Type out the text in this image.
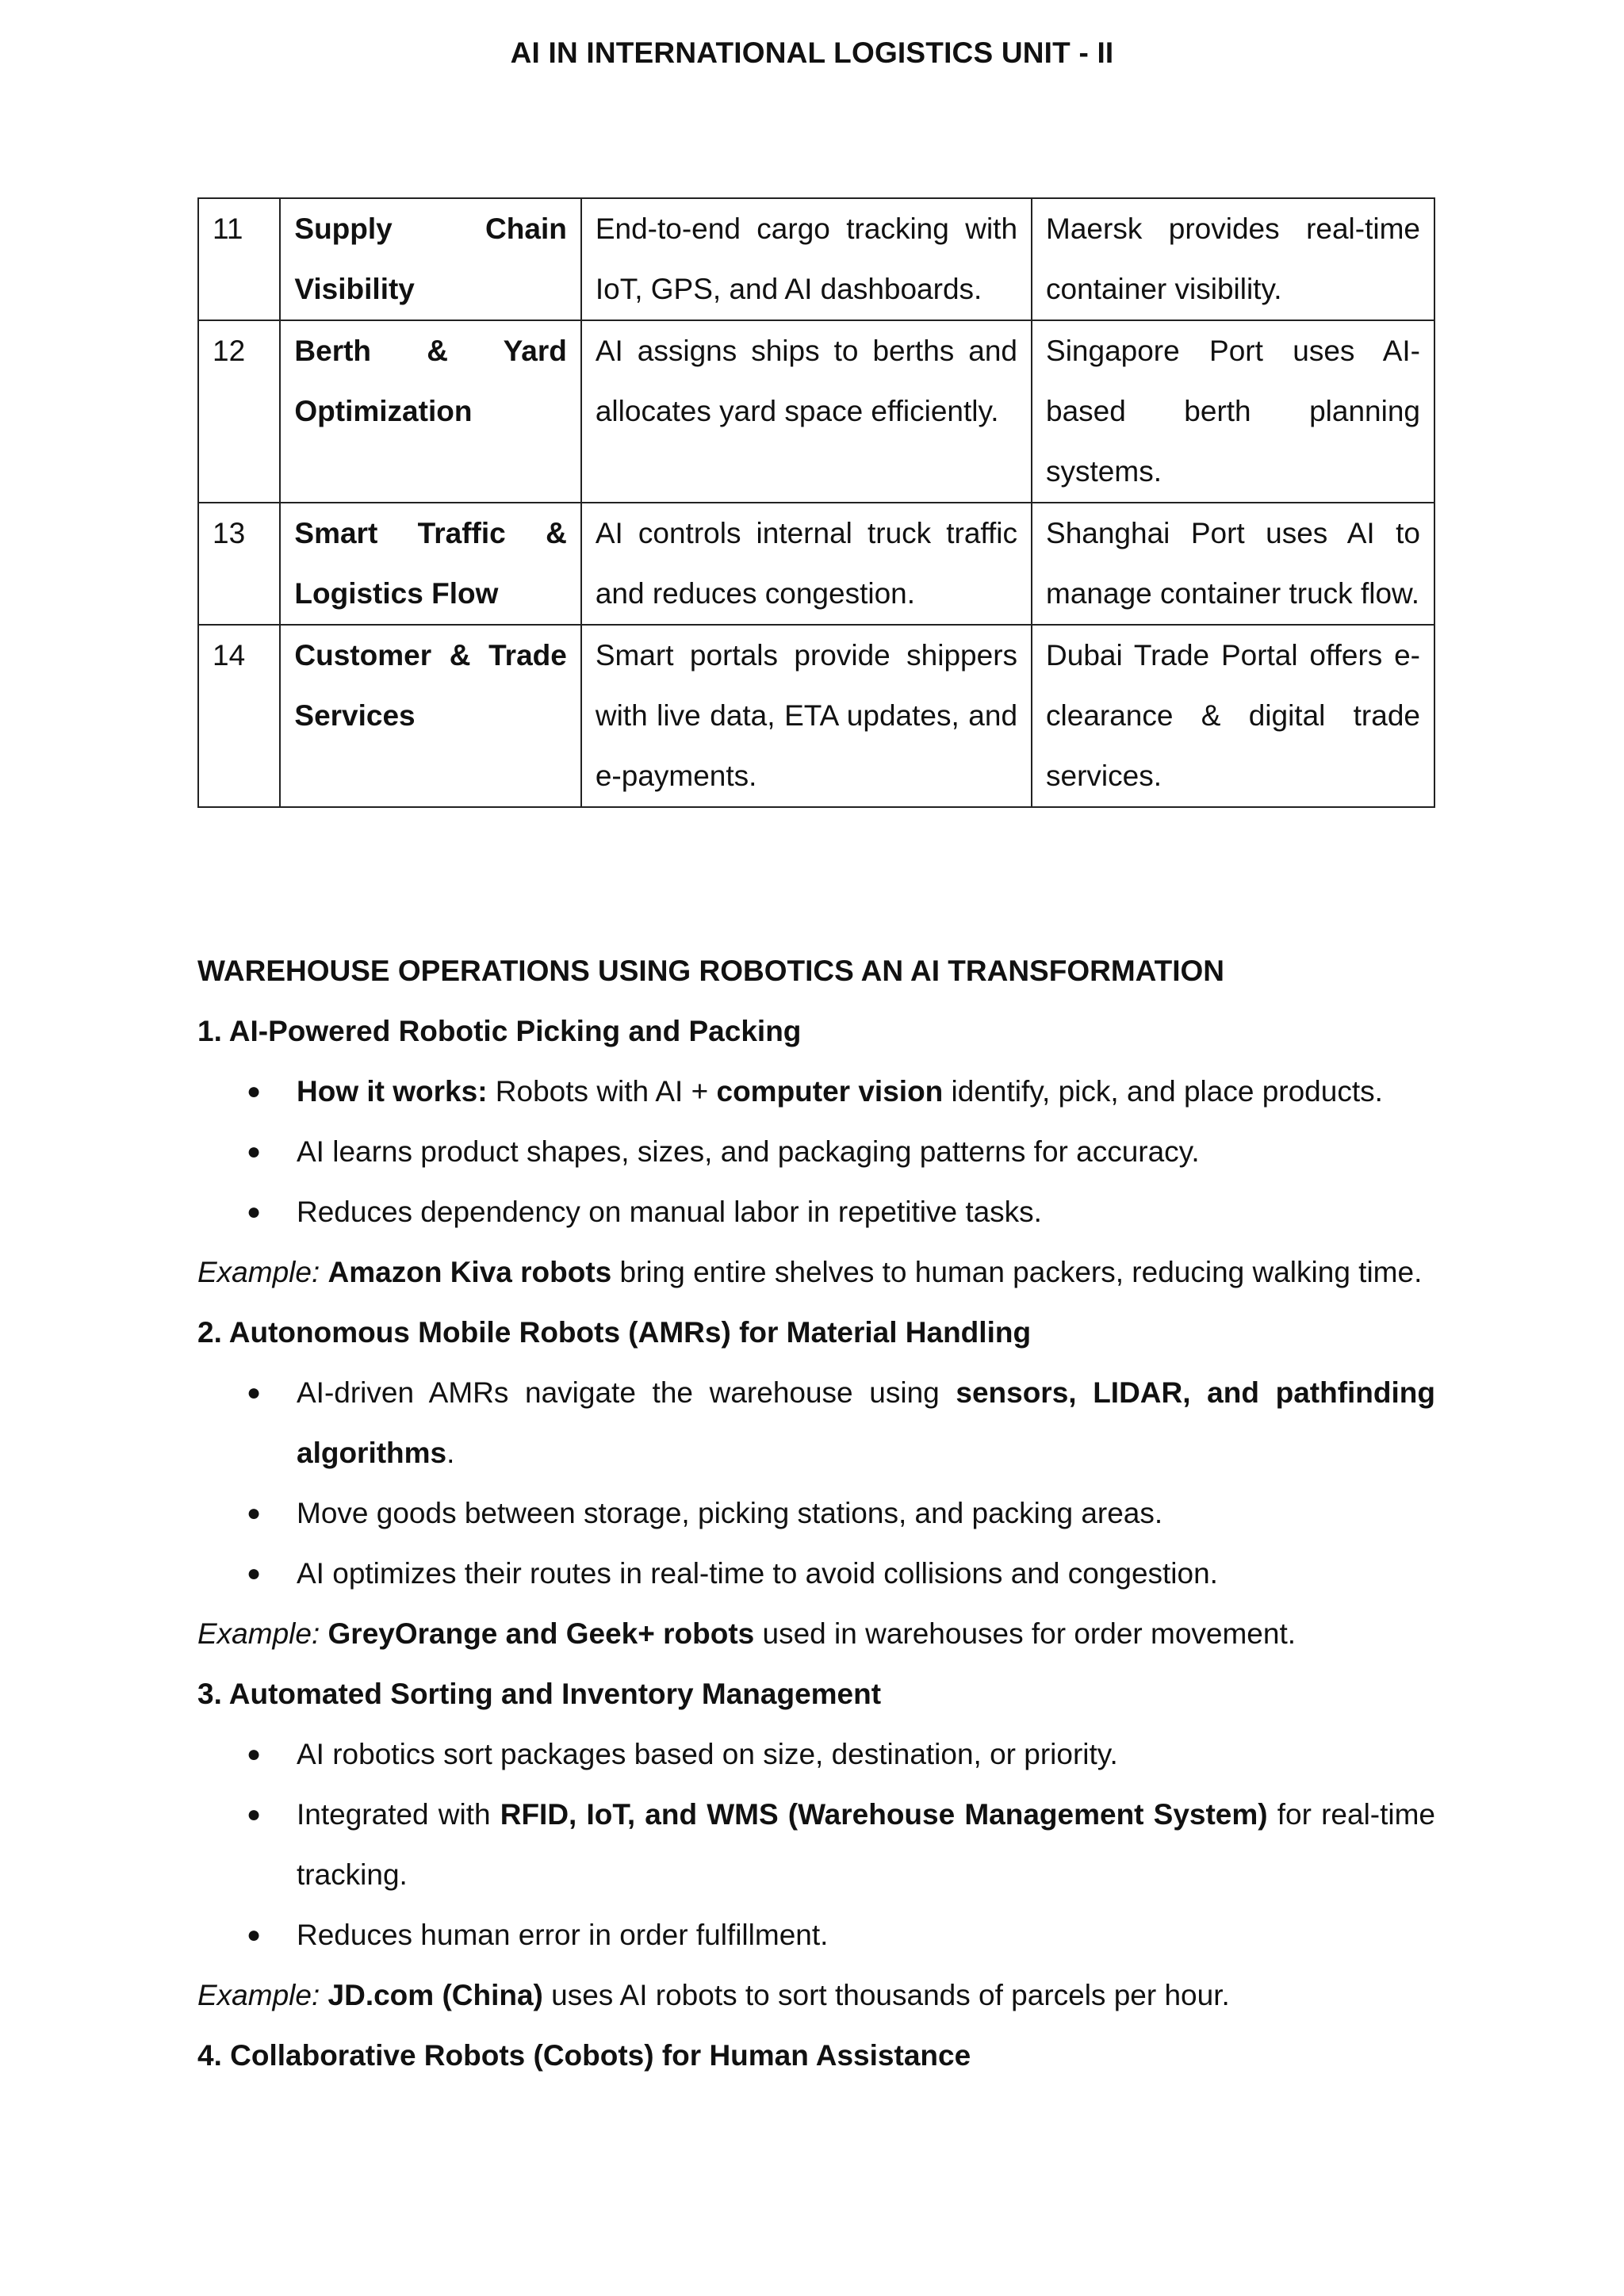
AI IN INTERNATIONAL LOGISTICS UNIT - II
11	Supply Chain Visibility	End-to-end cargo tracking with IoT, GPS, and AI dashboards.	Maersk provides real-time container visibility.
12	Berth & Yard Optimization	AI assigns ships to berths and allocates yard space efficiently.	Singapore Port uses AI-based berth planning systems.
13	Smart Traffic & Logistics Flow	AI controls internal truck traffic and reduces congestion.	Shanghai Port uses AI to manage container truck flow.
14	Customer & Trade Services	Smart portals provide shippers with live data, ETA updates, and e-payments.	Dubai Trade Portal offers e-clearance & digital trade services.

WAREHOUSE OPERATIONS USING ROBOTICS AN AI TRANSFORMATION

1. AI-Powered Robotic Picking and Packing

● How it works: Robots with AI + computer vision identify, pick, and place products.
● AI learns product shapes, sizes, and packaging patterns for accuracy.
● Reduces dependency on manual labor in repetitive tasks.

Example: Amazon Kiva robots bring entire shelves to human packers, reducing walking time.

2. Autonomous Mobile Robots (AMRs) for Material Handling

● AI-driven AMRs navigate the warehouse using sensors, LIDAR, and pathfinding algorithms.
● Move goods between storage, picking stations, and packing areas.
● AI optimizes their routes in real-time to avoid collisions and congestion.

Example: GreyOrange and Geek+ robots used in warehouses for order movement.

3. Automated Sorting and Inventory Management

● AI robotics sort packages based on size, destination, or priority.
● Integrated with RFID, IoT, and WMS (Warehouse Management System) for real-time tracking.
● Reduces human error in order fulfillment.

Example: JD.com (China) uses AI robots to sort thousands of parcels per hour.

4. Collaborative Robots (Cobots) for Human Assistance
